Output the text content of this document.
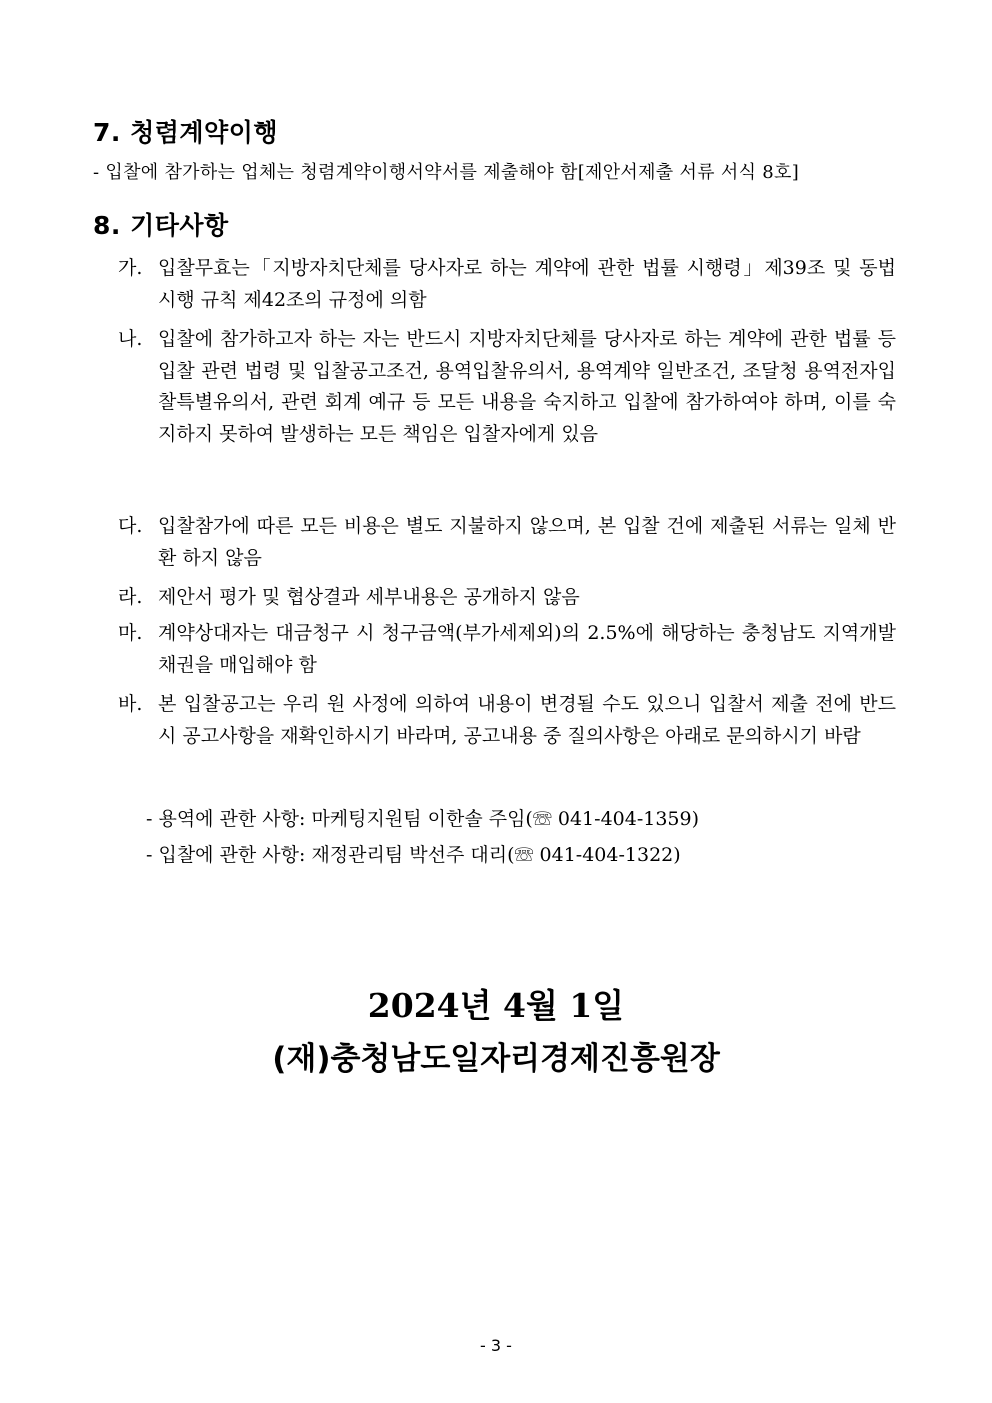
7. 청렴계약이행
- 입찰에 참가하는 업체는 청렴계약이행서약서를 제출해야 함[제안서제출 서류 서식 8호]
8. 기타사항
가. 입찰무효는「지방자치단체를 당사자로 하는 계약에 관한 법률 시행령」제39조 및 동법 시행 규칙 제42조의 규정에 의함
나. 입찰에 참가하고자 하는 자는 반드시 지방자치단체를 당사자로 하는 계약에 관한 법률 등 입찰 관련 법령 및 입찰공고조건, 용역입찰유의서, 용역계약 일반조건, 조달청 용역전자입찰특별유의서, 관련 회계 예규 등 모든 내용을 숙지하고 입찰에 참가하여야 하며, 이를 숙지하지 못하여 발생하는 모든 책임은 입찰자에게 있음
다. 입찰참가에 따른 모든 비용은 별도 지불하지 않으며, 본 입찰 건에 제출된 서류는 일체 반환 하지 않음
라. 제안서 평가 및 협상결과 세부내용은 공개하지 않음
마. 계약상대자는 대금청구 시 청구금액(부가세제외)의 2.5%에 해당하는 충청남도 지역개발채권을 매입해야 함
바. 본 입찰공고는 우리 원 사정에 의하여 내용이 변경될 수도 있으니 입찰서 제출 전에 반드시 공고사항을 재확인하시기 바라며, 공고내용 중 질의사항은 아래로 문의하시기 바람
- 용역에 관한 사항: 마케팅지원팀 이한솔 주임(☏ 041-404-1359)
- 입찰에 관한 사항: 재정관리팀 박선주 대리(☏ 041-404-1322)
2024년 4월 1일
(재)충청남도일자리경제진흥원장
- 3 -
